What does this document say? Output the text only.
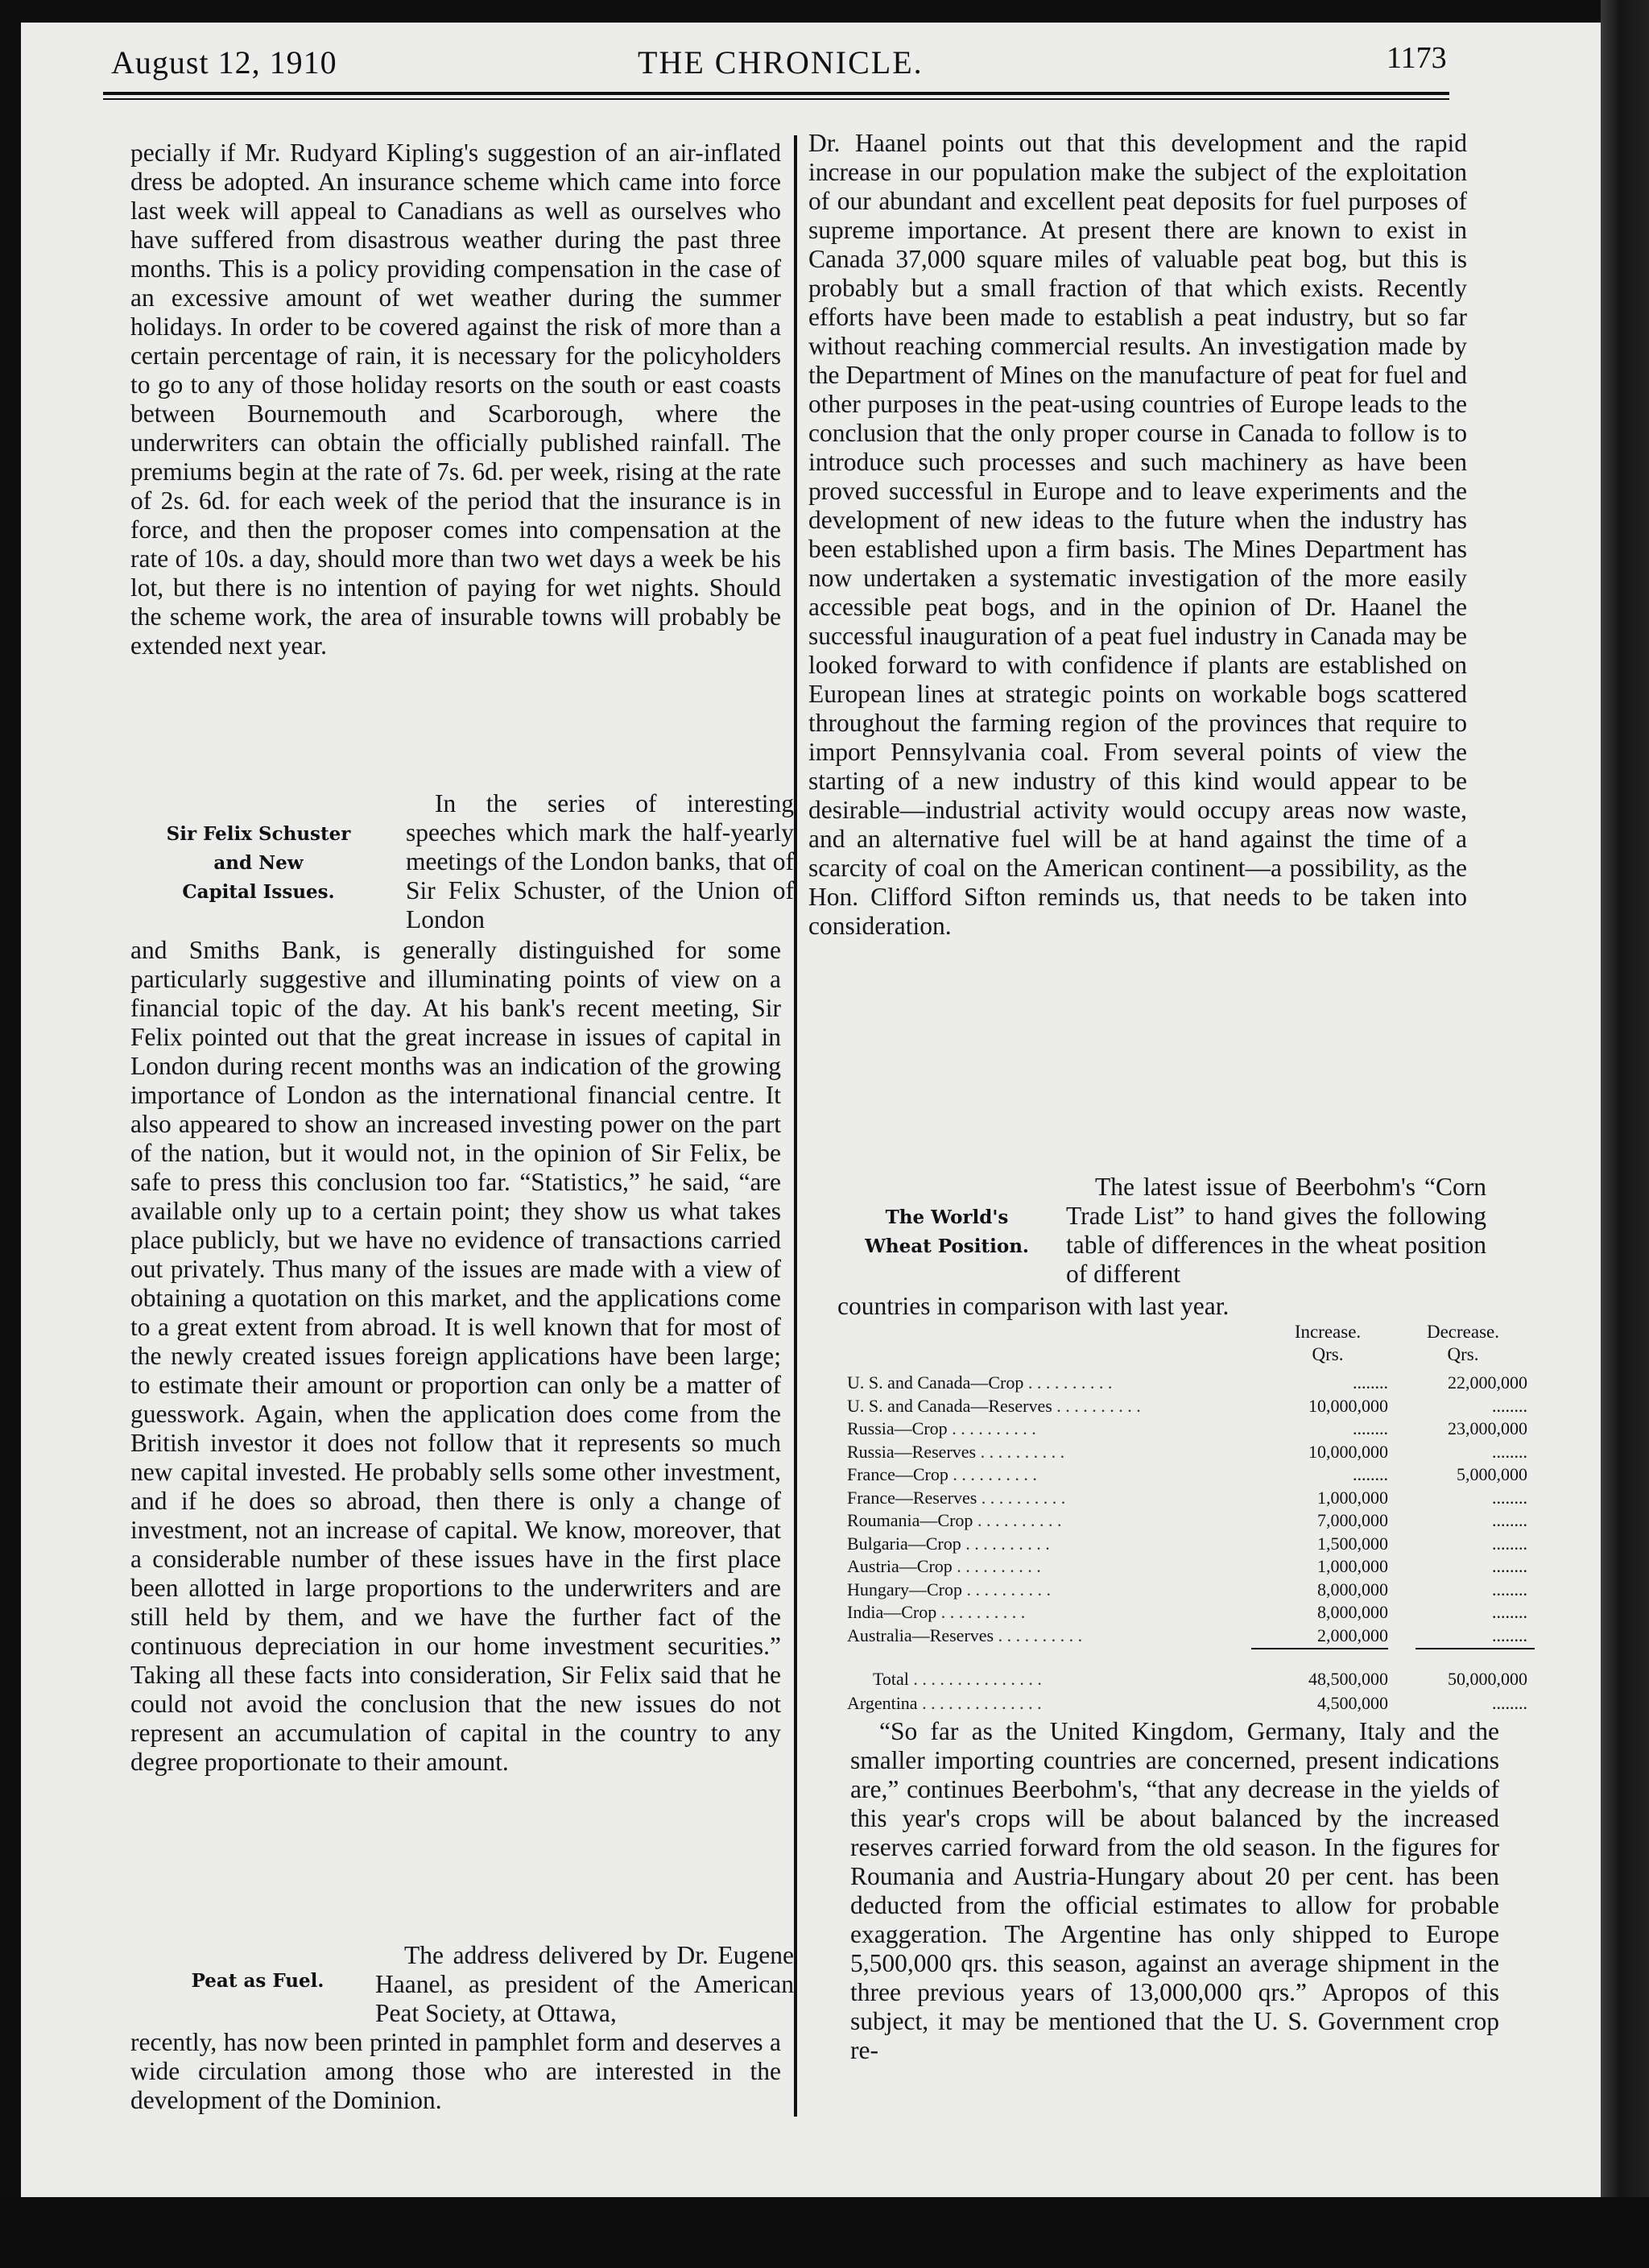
August 12, 1910	THE CHRONICLE.	1173

pecially if Mr. Rudyard Kipling's suggestion of an air-inflated dress be adopted. An insurance scheme which came into force last week will appeal to Canadians as well as ourselves who have suffered from disastrous weather during the past three months. This is a policy providing compensation in the case of an excessive amount of wet weather during the summer holidays. In order to be covered against the risk of more than a certain percentage of rain, it is necessary for the policyholders to go to any of those holiday resorts on the south or east coasts between Bournemouth and Scarborough, where the underwriters can obtain the officially published rainfall. The premiums begin at the rate of 7s. 6d. per week, rising at the rate of 2s. 6d. for each week of the period that the insurance is in force, and then the proposer comes into compensation at the rate of 10s. a day, should more than two wet days a week be his lot, but there is no intention of paying for wet nights. Should the scheme work, the area of insurable towns will probably be extended next year.

Sir Felix Schuster
and New
Capital Issues.

In the series of interesting speeches which mark the half-yearly meetings of the London banks, that of Sir Felix Schuster, of the Union of London

and Smiths Bank, is generally distinguished for some particularly suggestive and illuminating points of view on a financial topic of the day. At his bank's recent meeting, Sir Felix pointed out that the great increase in issues of capital in London during recent months was an indication of the growing importance of London as the international financial centre. It also appeared to show an increased investing power on the part of the nation, but it would not, in the opinion of Sir Felix, be safe to press this conclusion too far. “Statistics,” he said, “are available only up to a certain point; they show us what takes place publicly, but we have no evidence of transactions carried out privately. Thus many of the issues are made with a view of obtaining a quotation on this market, and the applications come to a great extent from abroad. It is well known that for most of the newly created issues foreign applications have been large; to estimate their amount or proportion can only be a matter of guesswork. Again, when the application does come from the British investor it does not follow that it represents so much new capital invested. He probably sells some other investment, and if he does so abroad, then there is only a change of investment, not an increase of capital. We know, moreover, that a considerable number of these issues have in the first place been allotted in large proportions to the underwriters and are still held by them, and we have the further fact of the continuous depreciation in our home investment securities.” Taking all these facts into consideration, Sir Felix said that he could not avoid the conclusion that the new issues do not represent an accumulation of capital in the country to any degree proportionate to their amount.

Peat as Fuel.

The address delivered by Dr. Eugene Haanel, as president of the American Peat Society, at Ottawa,

recently, has now been printed in pamphlet form and deserves a wide circulation among those who are interested in the development of the Dominion.

Dr. Haanel points out that this development and the rapid increase in our population make the subject of the exploitation of our abundant and excellent peat deposits for fuel purposes of supreme importance. At present there are known to exist in Canada 37,000 square miles of valuable peat bog, but this is probably but a small fraction of that which exists. Recently efforts have been made to establish a peat industry, but so far without reaching commercial results. An investigation made by the Department of Mines on the manufacture of peat for fuel and other purposes in the peat-using countries of Europe leads to the conclusion that the only proper course in Canada to follow is to introduce such processes and such machinery as have been proved successful in Europe and to leave experiments and the development of new ideas to the future when the industry has been established upon a firm basis. The Mines Department has now undertaken a systematic investigation of the more easily accessible peat bogs, and in the opinion of Dr. Haanel the successful inauguration of a peat fuel industry in Canada may be looked forward to with confidence if plants are established on European lines at strategic points on workable bogs scattered throughout the farming region of the provinces that require to import Pennsylvania coal. From several points of view the starting of a new industry of this kind would appear to be desirable—industrial activity would occupy areas now waste, and an alternative fuel will be at hand against the time of a scarcity of coal on the American continent—a possibility, as the Hon. Clifford Sifton reminds us, that needs to be taken into consideration.

The World's
Wheat Position.

The latest issue of Beerbohm's “Corn Trade List” to hand gives the following table of differences in the wheat position of different

countries in comparison with last year.

Increase.
Qrs.
Decrease.
Qrs.
U. S. and Canada—Crop . . . . . . . . . .	........	22,000,000
U. S. and Canada—Reserves . . . . . . . . . .	10,000,000	........
Russia—Crop . . . . . . . . . .	........	23,000,000
Russia—Reserves . . . . . . . . . .	10,000,000	........
France—Crop . . . . . . . . . .	........	5,000,000
France—Reserves . . . . . . . . . .	1,000,000	........
Roumania—Crop . . . . . . . . . .	7,000,000	........
Bulgaria—Crop . . . . . . . . . .	1,500,000	........
Austria—Crop . . . . . . . . . .	1,000,000	........
Hungary—Crop . . . . . . . . . .	8,000,000	........
India—Crop . . . . . . . . . .	8,000,000	........
Australia—Reserves . . . . . . . . . .	2,000,000	........
Total . . . . . . . . . . . . . . .	48,500,000	50,000,000
Argentina . . . . . . . . . . . . . .	4,500,000	........

“So far as the United Kingdom, Germany, Italy and the smaller importing countries are concerned, present indications are,” continues Beerbohm's, “that any decrease in the yields of this year's crops will be about balanced by the increased reserves carried forward from the old season. In the figures for Roumania and Austria-Hungary about 20 per cent. has been deducted from the official estimates to allow for probable exaggeration. The Argentine has only shipped to Europe 5,500,000 qrs. this season, against an average shipment in the three previous years of 13,000,000 qrs.” Apropos of this subject, it may be mentioned that the U. S. Government crop re-
